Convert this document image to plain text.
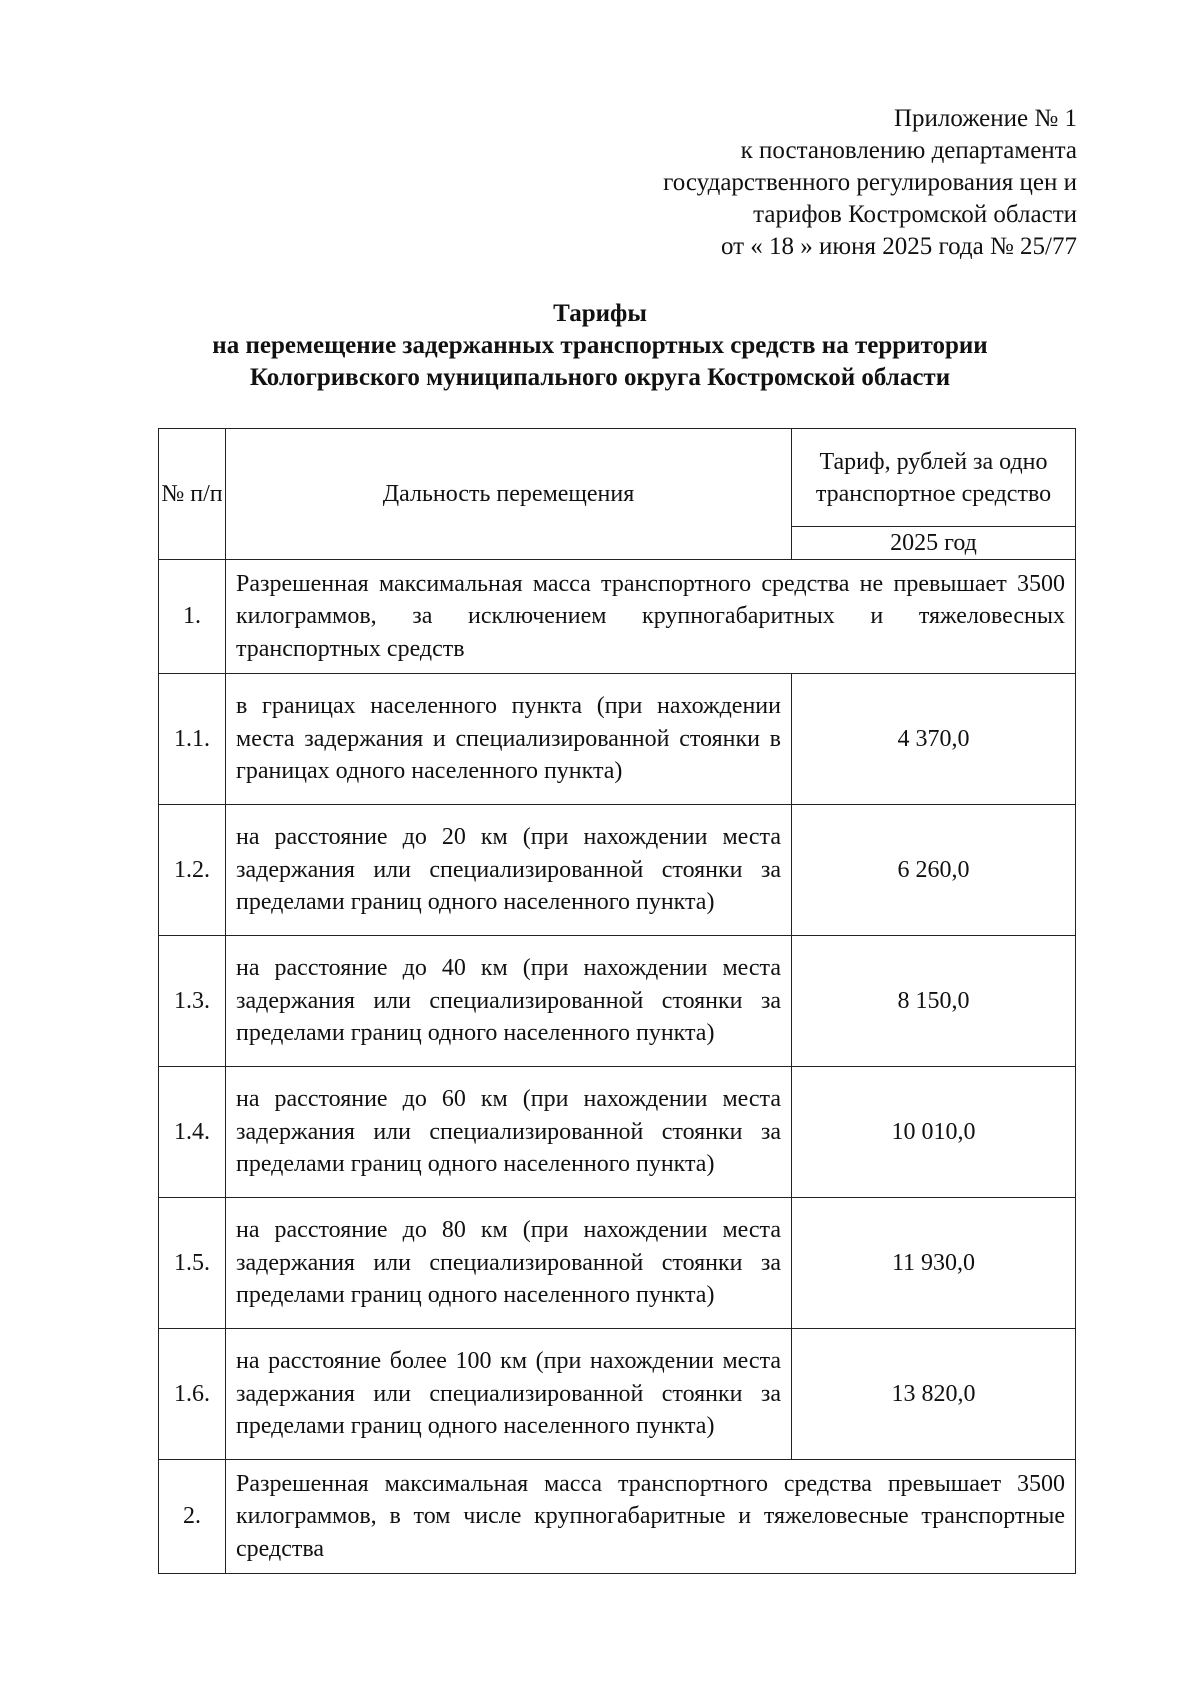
Приложение № 1
к постановлению департамента
государственного регулирования цен и
тарифов Костромской области
от « 18 » июня 2025 года № 25/77
Тарифы
на перемещение задержанных транспортных средств на территории
Кологривского муниципального округа Костромской области
№ п/п	Дальность перемещения	Тариф, рублей за одно транспортное средство
		2025 год
1.	Разрешенная максимальная масса транспортного средства не превышает 3500 килограммов, за исключением крупногабаритных и тяжеловесных транспортных средств	
1.1.	в границах населенного пункта (при нахождении места задержания и специализированной стоянки в границах одного населенного пункта)	4 370,0
1.2.	на расстояние до 20 км (при нахождении места задержания или специализированной стоянки за пределами границ одного населенного пункта)	6 260,0
1.3.	на расстояние до 40 км (при нахождении места задержания или специализированной стоянки за пределами границ одного населенного пункта)	8 150,0
1.4.	на расстояние до 60 км (при нахождении места задержания или специализированной стоянки за пределами границ одного населенного пункта)	10 010,0
1.5.	на расстояние до 80 км (при нахождении места задержания или специализированной стоянки за пределами границ одного населенного пункта)	11 930,0
1.6.	на расстояние более 100 км (при нахождении места задержания или специализированной стоянки за пределами границ одного населенного пункта)	13 820,0
2.	Разрешенная максимальная масса транспортного средства превышает 3500 килограммов, в том числе крупногабаритные и тяжеловесные транспортные средства	
